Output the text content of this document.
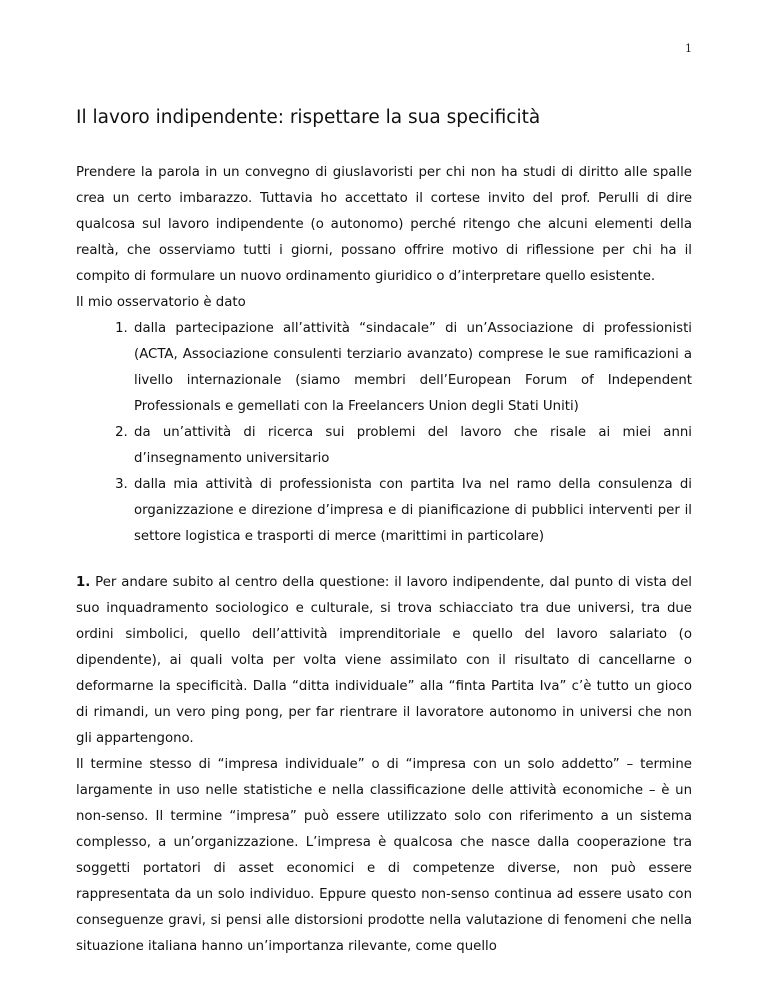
1
Il lavoro indipendente: rispettare la sua specificità

Prendere la parola in un convegno di giuslavoristi per chi non ha studi di diritto alle spalle crea un certo imbarazzo. Tuttavia ho accettato il cortese invito del prof. Perulli di dire qualcosa sul lavoro indipendente (o autonomo) perché ritengo che alcuni elementi della realtà, che osserviamo tutti i giorni, possano offrire motivo di riflessione per chi ha il compito di formulare un nuovo ordinamento giuridico o d’interpretare quello esistente.

Il mio osservatorio è dato

1. dalla partecipazione all’attività “sindacale” di un’Associazione di professionisti (ACTA, Associazione consulenti terziario avanzato) comprese le sue ramificazioni a livello internazionale (siamo membri dell’European Forum of Independent Professionals e gemellati con la Freelancers Union degli Stati Uniti)
2. da un’attività di ricerca sui problemi del lavoro che risale ai miei anni d’insegnamento universitario
3. dalla mia attività di professionista con partita Iva nel ramo della consulenza di organizzazione e direzione d’impresa e di pianificazione di pubblici interventi per il settore logistica e trasporti di merce (marittimi in particolare)

1. Per andare subito al centro della questione: il lavoro indipendente, dal punto di vista del suo inquadramento sociologico e culturale, si trova schiacciato tra due universi, tra due ordini simbolici, quello dell’attività imprenditoriale e quello del lavoro salariato (o dipendente), ai quali volta per volta viene assimilato con il risultato di cancellarne o deformarne la specificità. Dalla “ditta individuale” alla “finta Partita Iva” c’è tutto un gioco di rimandi, un vero ping pong, per far rientrare il lavoratore autonomo in universi che non gli appartengono.

Il termine stesso di “impresa individuale” o di “impresa con un solo addetto” – termine largamente in uso nelle statistiche e nella classificazione delle attività economiche – è un non-senso. Il termine “impresa” può essere utilizzato solo con riferimento a un sistema complesso, a un’organizzazione. L’impresa è qualcosa che nasce dalla cooperazione tra soggetti portatori di asset economici e di competenze diverse, non può essere rappresentata da un solo individuo. Eppure questo non-senso continua ad essere usato con conseguenze gravi, si pensi alle distorsioni prodotte nella valutazione di fenomeni che nella situazione italiana hanno un’importanza rilevante, come quello
